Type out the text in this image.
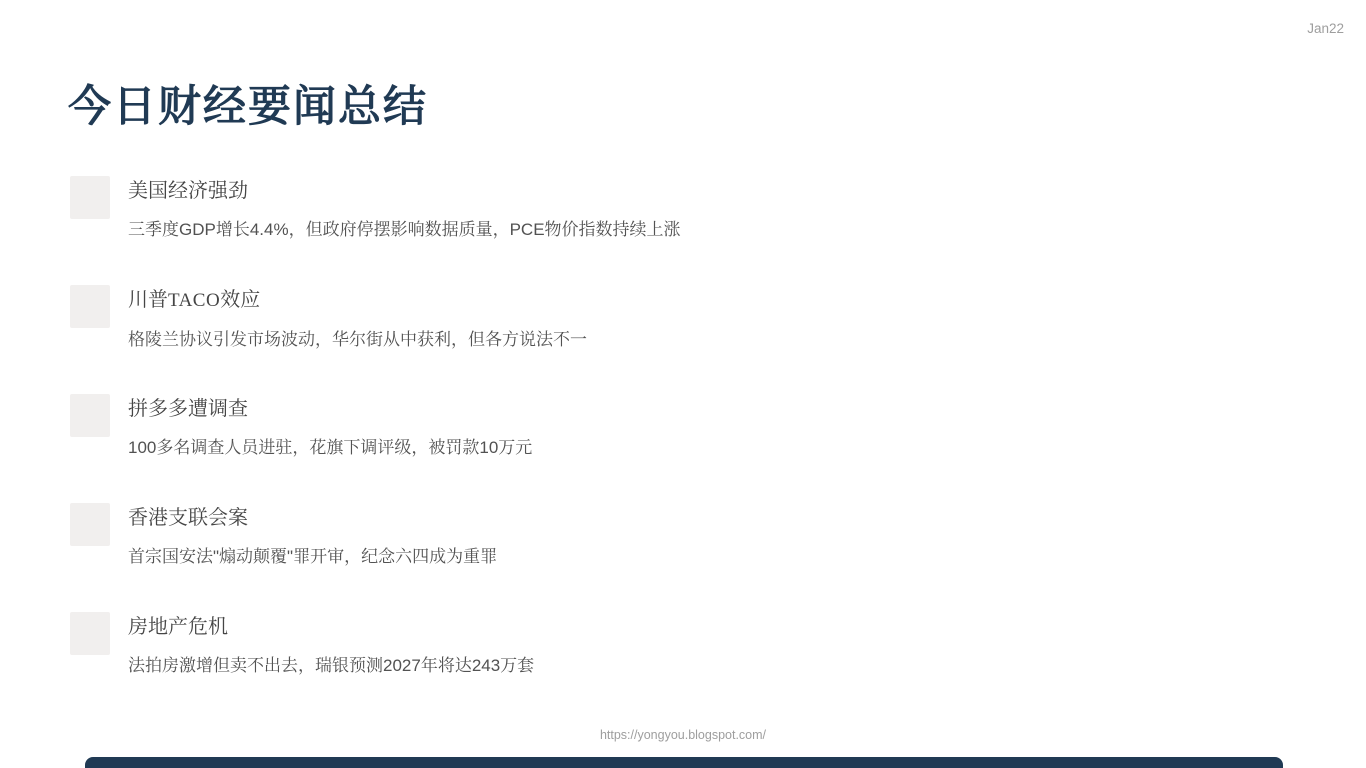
Jan22
今日财经要闻总结
美国经济强劲
三季度GDP增长4.4%，但政府停摆影响数据质量，PCE物价指数持续上涨
川普TACO效应
格陵兰协议引发市场波动，华尔街从中获利，但各方说法不一
拼多多遭调查
100多名调查人员进驻，花旗下调评级，被罚款10万元
香港支联会案
首宗国安法"煽动颠覆"罪开审，纪念六四成为重罪
房地产危机
法拍房激增但卖不出去，瑞银预测2027年将达243万套
https://yongyou.blogspot.com/
